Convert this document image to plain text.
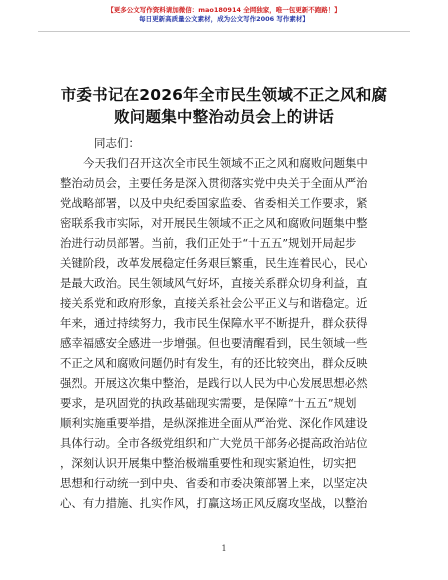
【更多公文写作资料请加微信：mao180914 全网独家，唯一包更新不跑路！】
每日更新高质量公文素材，成为公文写作2006 写作素材】
市委书记在2026年全市民生领域不正之风和腐
败问题集中整治动员会上的讲话
同志们：
今天我们召开这次全市民生领域不正之风和腐败问题集中
整治动员会，主要任务是深入贯彻落实党中央关于全面从严治
党战略部署，以及中央纪委国家监委、省委相关工作要求，紧
密联系我市实际，对开展民生领域不正之风和腐败问题集中整
治进行动员部署。当前，我们正处于“十五五”规划开局起步
关键阶段，改革发展稳定任务艰巨繁重，民生连着民心，民心
是最大政治。民生领域风气好坏，直接关系群众切身利益，直
接关系党和政府形象，直接关系社会公平正义与和谐稳定。近
年来，通过持续努力，我市民生保障水平不断提升，群众获得
感幸福感安全感进一步增强。但也要清醒看到，民生领域一些
不正之风和腐败问题仍时有发生，有的还比较突出，群众反映
强烈。开展这次集中整治，是践行以人民为中心发展思想必然
要求，是巩固党的执政基础现实需要，是保障“十五五”规划
顺利实施重要举措，是纵深推进全面从严治党、深化作风建设
具体行动。全市各级党组织和广大党员干部务必提高政治站位
，深刻认识开展集中整治极端重要性和现实紧迫性，切实把
思想和行动统一到中央、省委和市委决策部署上来，以坚定决
心、有力措施、扎实作风，打赢这场正风反腐攻坚战，以整治
1
